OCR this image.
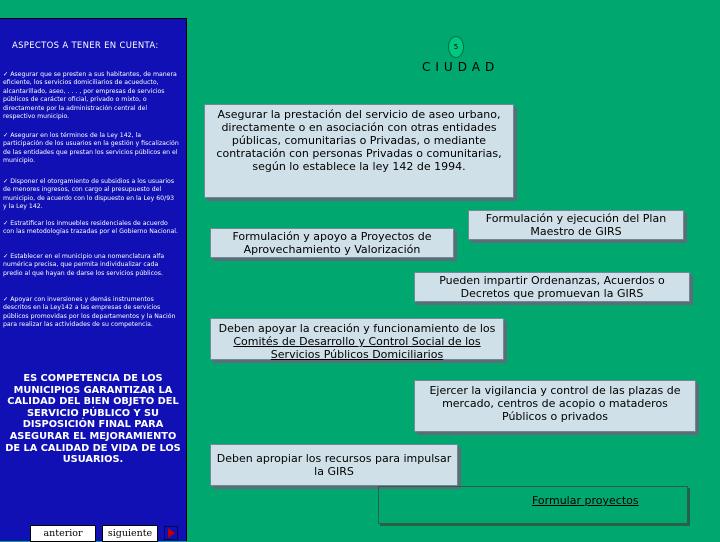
ASPECTOS A TENER EN CUENTA:
✓ Asegurar que se presten a sus habitantes, de manera eficiente, los servicios domiciliarios de acueducto, alcantarillado, aseo, . . . , por empresas de servicios públicos de carácter oficial, privado o mixto, o directamente por la administración central del respectivo municipio.
✓ Asegurar en los términos de la Ley 142, la participación de los usuarios en la gestión y fiscalización de las entidades que prestan los servicios públicos en el municipio.
✓ Disponer el otorgamiento de subsidios a los usuarios de menores ingresos, con cargo al presupuesto del municipio, de acuerdo con lo dispuesto en la Ley 60/93 y la Ley 142.
✓ Estratificar los inmuebles residenciales de acuerdo con las metodologías trazadas por el Gobierno Nacional.
✓ Establecer en el municipio una nomenclatura alfa numérica precisa, que permita individualizar cada predio al que hayan de darse los servicios públicos.
✓ Apoyar con inversiones y demás instrumentos descritos en la Ley142 a las empresas de servicios públicos promovidas por los departamentos y la Nación para realizar las actividades de su competencia.
ES COMPETENCIA DE LOS MUNICIPIOS GARANTIZAR LA CALIDAD DEL BIEN OBJETO DEL SERVICIO PÚBLICO Y SU DISPOSICIÓN FINAL PARA ASEGURAR EL MEJORAMIENTO DE LA CALIDAD DE VIDA DE LOS USUARIOS.
anterior	siguiente
5
CIUDAD
Asegurar la prestación del servicio de aseo urbano, directamente o en asociación con otras entidades públicas, comunitarias o Privadas, o mediante contratación con personas Privadas o comunitarias, según lo establece la ley 142 de 1994.
Formulación y ejecución del Plan Maestro de GIRS
Formulación y apoyo a Proyectos de Aprovechamiento y Valorización
Pueden impartir Ordenanzas, Acuerdos o Decretos que promuevan la GIRS
Deben apoyar la creación y funcionamiento de los Comités de Desarrollo y Control Social de los Servicios Públicos Domiciliarios
Ejercer la vigilancia y control de las plazas de mercado, centros de acopio o mataderos Públicos o privados
Deben apropiar los recursos para impulsar la GIRS
Formular proyectos
